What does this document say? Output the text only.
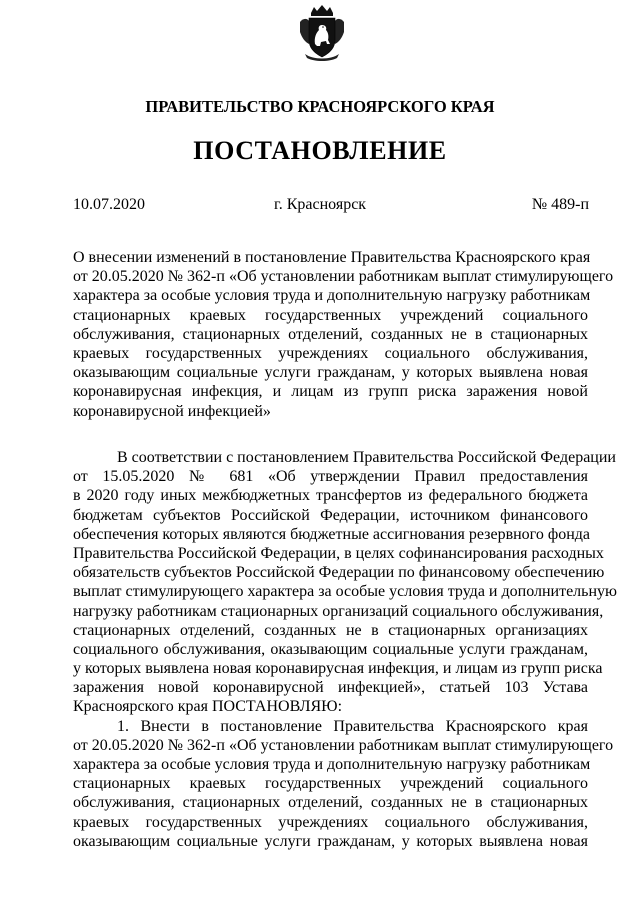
ПРАВИТЕЛЬСТВО КРАСНОЯРСКОГО КРАЯ
ПОСТАНОВЛЕНИЕ
10.07.2020	г. Красноярск	№ 489-п
О внесении изменений в постановление Правительства Красноярского края
от 20.05.2020 № 362-п «Об установлении работникам выплат стимулирующего
характера за особые условия труда и дополнительную нагрузку работникам
стационарных краевых государственных учреждений социального
обслуживания, стационарных отделений, созданных не в стационарных
краевых государственных учреждениях социального обслуживания,
оказывающим социальные услуги гражданам, у которых выявлена новая
коронавирусная инфекция, и лицам из групп риска заражения новой
коронавирусной инфекцией»
В соответствии с постановлением Правительства Российской Федерации
от 15.05.2020 № 681 «Об утверждении Правил предоставления
в 2020 году иных межбюджетных трансфертов из федерального бюджета
бюджетам субъектов Российской Федерации, источником финансового
обеспечения которых являются бюджетные ассигнования резервного фонда
Правительства Российской Федерации, в целях софинансирования расходных
обязательств субъектов Российской Федерации по финансовому обеспечению
выплат стимулирующего характера за особые условия труда и дополнительную
нагрузку работникам стационарных организаций социального обслуживания,
стационарных отделений, созданных не в стационарных организациях
социального обслуживания, оказывающим социальные услуги гражданам,
у которых выявлена новая коронавирусная инфекция, и лицам из групп риска
заражения новой коронавирусной инфекцией», статьей 103 Устава
Красноярского края ПОСТАНОВЛЯЮ:
1. Внести в постановление Правительства Красноярского края
от 20.05.2020 № 362-п «Об установлении работникам выплат стимулирующего
характера за особые условия труда и дополнительную нагрузку работникам
стационарных краевых государственных учреждений социального
обслуживания, стационарных отделений, созданных не в стационарных
краевых государственных учреждениях социального обслуживания,
оказывающим социальные услуги гражданам, у которых выявлена новая
